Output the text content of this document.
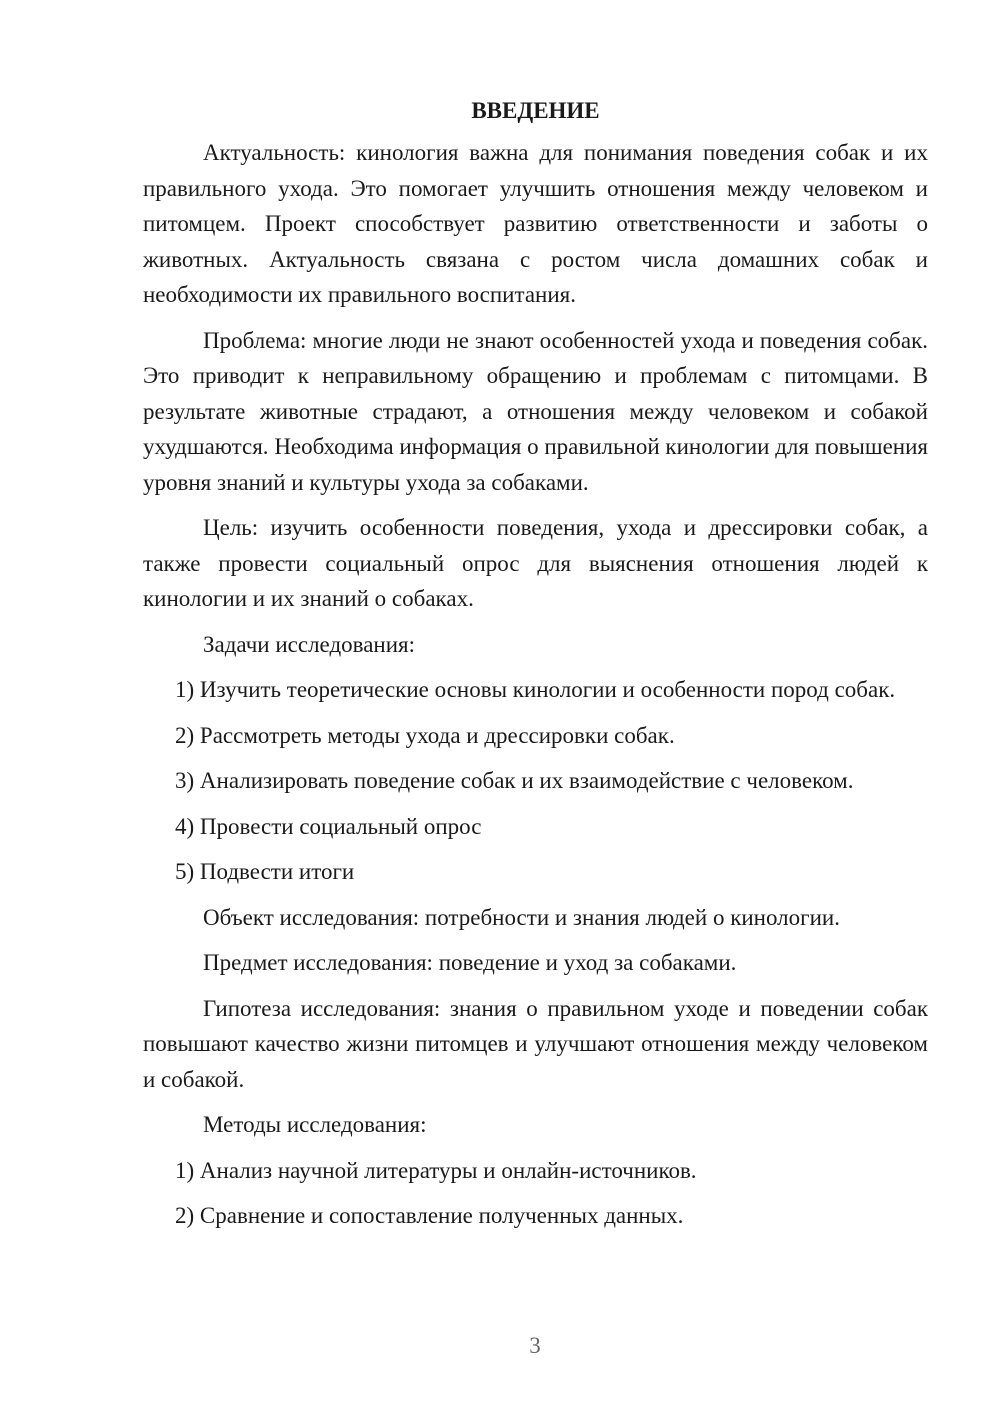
ВВЕДЕНИЕ

Актуальность: кинология важна для понимания поведения собак и их правильного ухода. Это помогает улучшить отношения между человеком и питомцем. Проект способствует развитию ответственности и заботы о животных. Актуальность связана с ростом числа домашних собак и необходимости их правильного воспитания.

Проблема: многие люди не знают особенностей ухода и поведения собак. Это приводит к неправильному обращению и проблемам с питомцами. В результате животные страдают, а отношения между человеком и собакой ухудшаются. Необходима информация о правильной кинологии для повышения уровня знаний и культуры ухода за собаками.

Цель: изучить особенности поведения, ухода и дрессировки собак, а также провести социальный опрос для выяснения отношения людей к кинологии и их знаний о собаках.

Задачи исследования:

1) Изучить теоретические основы кинологии и особенности пород собак.

2) Рассмотреть методы ухода и дрессировки собак.

3) Анализировать поведение собак и их взаимодействие с человеком.

4) Провести социальный опрос

5) Подвести итоги

Объект исследования: потребности и знания людей о кинологии.

Предмет исследования: поведение и уход за собаками.

Гипотеза исследования: знания о правильном уходе и поведении собак повышают качество жизни питомцев и улучшают отношения между человеком и собакой.

Методы исследования:

1) Анализ научной литературы и онлайн-источников.

2) Сравнение и сопоставление полученных данных.

3
